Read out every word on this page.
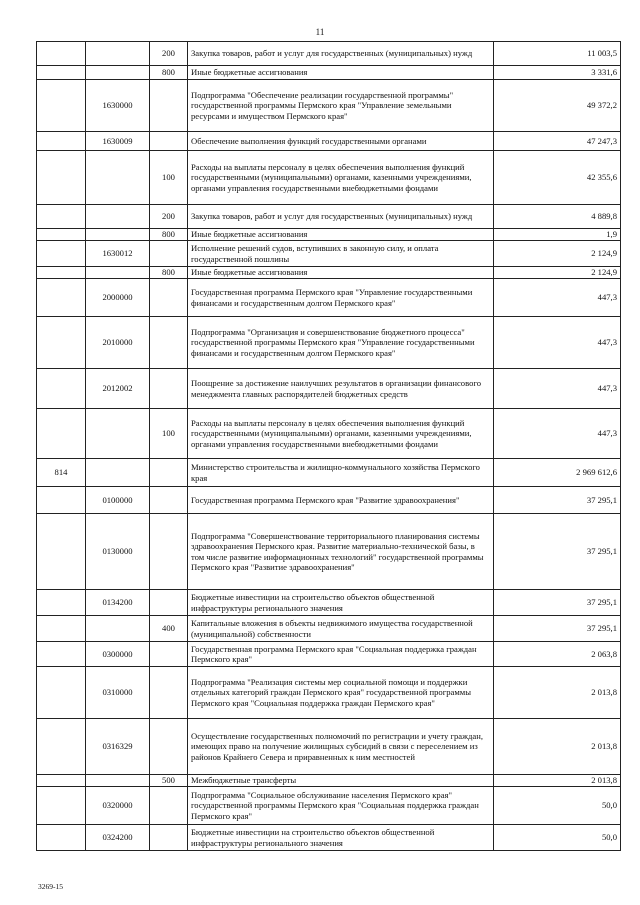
11
		200	Закупка товаров, работ и услуг для государственных (муниципальных) нужд	11 003,5
		800	Иные бюджетные ассигнования	3 331,6
	1630000		Подпрограмма "Обеспечение реализации государственной программы" государственной программы Пермского края "Управление земельными ресурсами и имуществом Пермского края"	49 372,2
	1630009		Обеспечение выполнения функций государственными органами	47 247,3
		100	Расходы на выплаты персоналу в целях обеспечения выполнения функций государственными (муниципальными) органами, казенными учреждениями, органами управления государственными внебюджетными фондами	42 355,6
		200	Закупка товаров, работ и услуг для государственных (муниципальных) нужд	4 889,8
		800	Иные бюджетные ассигнования	1,9
	1630012		Исполнение решений судов, вступивших в законную силу, и оплата государственной пошлины	2 124,9
		800	Иные бюджетные ассигнования	2 124,9
	2000000		Государственная программа Пермского края "Управление государственными финансами и государственным долгом Пермского края"	447,3
	2010000		Подпрограмма "Организация и совершенствование бюджетного процесса" государственной программы Пермского края "Управление государственными финансами и государственным долгом Пермского края"	447,3
	2012002		Поощрение за достижение наилучших результатов в организации финансового менеджмента главных распорядителей бюджетных средств	447,3
		100	Расходы на выплаты персоналу в целях обеспечения выполнения функций государственными (муниципальными) органами, казенными учреждениями, органами управления государственными внебюджетными фондами	447,3
814			Министерство строительства и жилищно-коммунального хозяйства Пермского края	2 969 612,6
	0100000		Государственная программа Пермского края "Развитие здравоохранения"	37 295,1
	0130000		Подпрограмма "Совершенствование территориального планирования системы здравоохранения Пермского края. Развитие материально-технической базы, в том числе развитие информационных технологий" государственной программы Пермского края "Развитие здравоохранения"	37 295,1
	0134200		Бюджетные инвестиции на строительство объектов общественной инфраструктуры регионального значения	37 295,1
		400	Капитальные вложения в объекты недвижимого имущества государственной (муниципальной) собственности	37 295,1
	0300000		Государственная программа Пермского края "Социальная поддержка граждан Пермского края"	2 063,8
	0310000		Подпрограмма "Реализация системы мер социальной помощи и поддержки отдельных категорий граждан Пермского края" государственной программы Пермского края "Социальная поддержка граждан Пермского края"	2 013,8
	0316329		Осуществление государственных полномочий по регистрации и учету граждан, имеющих право на получение жилищных субсидий в связи с переселением из районов Крайнего Севера и приравненных к ним местностей	2 013,8
		500	Межбюджетные трансферты	2 013,8
	0320000		Подпрограмма "Социальное обслуживание населения Пермского края" государственной программы Пермского края "Социальная поддержка граждан Пермского края"	50,0
	0324200		Бюджетные инвестиции на строительство объектов общественной инфраструктуры регионального значения	50,0
3269-15
